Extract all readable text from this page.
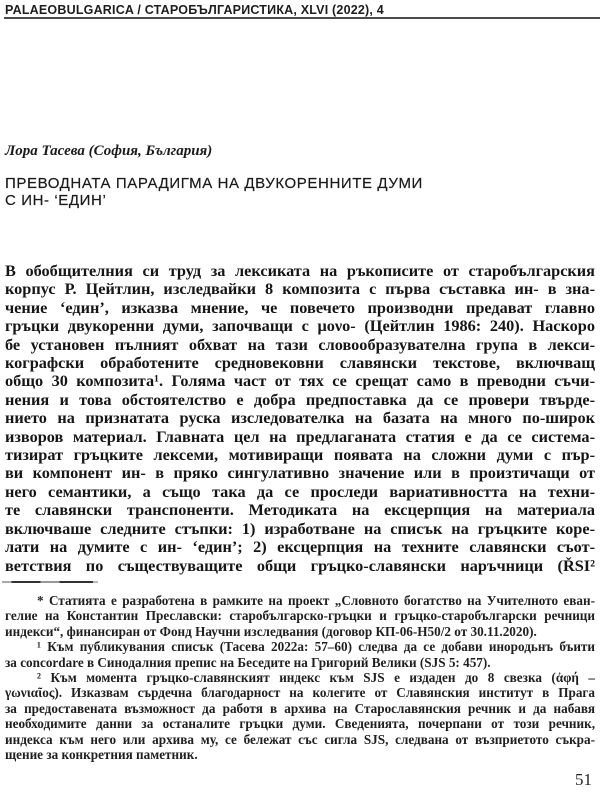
PALAEOBULGARICA / СТАРОБЪЛГАРИСТИКА, XLVI (2022), 4
Лора Тасева (София, България)
ПРЕВОДНАТА ПАРАДИГМА НА ДВУКОРЕННИТЕ ДУМИ
С ИН- ‘ЕДИН’
В обобщителния си труд за лексиката на ръкописите от старобългарския
корпус Р. Цейтлин, изследвайки 8 композита с първа съставка ин- в зна-
чение ‘един’, изказва мнение, че повечето производни предават главно
гръцки двукоренни думи, започващи с μονο- (Цейтлин 1986: 240). Наскоро
бе установен пълният обхват на тази словообразувателна група в лекси-
кографски обработените средновековни славянски текстове, включващ
общо 30 композита¹. Голяма част от тях се срещат само в преводни съчи-
нения и това обстоятелство е добра предпоставка да се провери твърде-
нието на признатата руска изследователка на базата на много по-широк
изворов материал. Главната цел на предлаганата статия е да се система-
тизират гръцките лексеми, мотивиращи появата на сложни думи с пър-
ви компонент ин- в пряко сингулативно значение или в произтичащи от
него семантики, а също така да се проследи вариативността на техни-
те славянски транспоненти. Методиката на ексцерпция на материала
включваше следните стъпки: 1) изработване на списък на гръцките коре-
лати на думите с ин- ‘един’; 2) ексцерпция на техните славянски съот-
ветствия по съществуващите общи гръцко-славянски наръчници (ŘSI²
* Статията е разработена в рамките на проект „Словното богатство на Учителното еван-
гелие на Константин Преславски: старобългарско-гръцки и гръцко-старобългарски речници
индекси“, финансиран от Фонд Научни изследвания (договор КП-06-Н50/2 от 30.11.2020).
¹ Към публикувания списък (Тасева 2022а: 57–60) следва да се добави инородьнъ бъити
за concordare в Синодалния препис на Беседите на Григорий Велики (SJS 5: 457).
² Към момента гръцко-славянският индекс към SJS е издаден до 8 свезка (ἀφή –
γωνιαῖος). Изказвам сърдечна благодарност на колегите от Славянския институт в Прага
за предоставената възможност да работя в архива на Старославянския речник и да набавя
необходимите данни за останалите гръцки думи. Сведенията, почерпани от този речник,
индекса към него или архива му, се бележат със сигла SJS, следвана от възприетото съкра-
щение за конкретния паметник.
51
